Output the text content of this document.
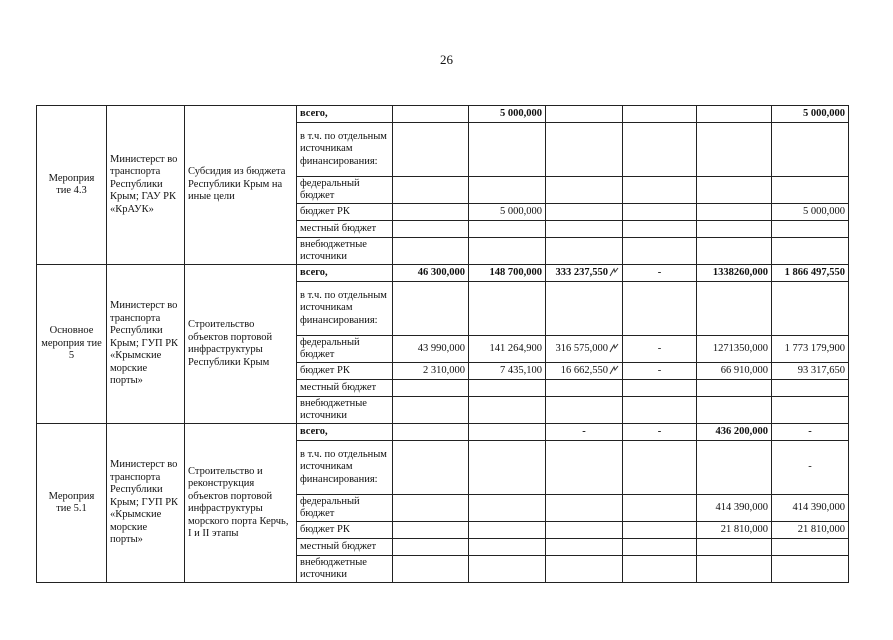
26
Мероприя тие 4.3	Министерст во транспорта Республики Крым; ГАУ РК «КрАУК»	Субсидия из бюджета Республики Крым на иные цели	всего,		5 000,000				5 000,000
			в т.ч. по отдельным источникам финансирования:						
			федеральный бюджет						
			бюджет РК		5 000,000				5 000,000
			местный бюджет						
			внебюджетные источники						
Основное мероприя тие 5	Министерст во транспорта Республики Крым; ГУП РК «Крымские морские порты»	Строительство объектов портовой инфраструктуры Республики Крым	всего,	46 300,000	148 700,000	333 237,550	-	1338260,000	1 866 497,550
			в т.ч. по отдельным источникам финансирования:						
			федеральный бюджет	43 990,000	141 264,900	316 575,000	-	1271350,000	1 773 179,900
			бюджет РК	2 310,000	7 435,100	16 662,550	-	66 910,000	93 317,650
			местный бюджет						
			внебюджетные источники						
Мероприя тие 5.1	Министерст во транспорта Республики Крым; ГУП РК «Крымские морские порты»	Строительство и реконструкция объектов портовой инфраструктуры морского порта Керчь, I и II этапы	всего,			-	-	436 200,000	-
			в т.ч. по отдельным источникам финансирования:						-
			федеральный бюджет					414 390,000	414 390,000
			бюджет РК					21 810,000	21 810,000
			местный бюджет						
			внебюджетные источники						
